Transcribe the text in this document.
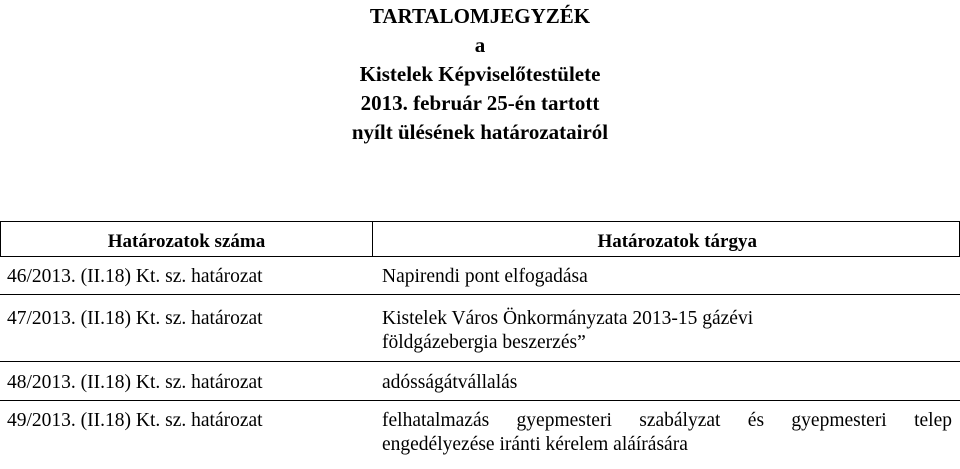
TARTALOMJEGYZÉK
a
Kistelek Képviselőtestülete
2013. február 25-én tartott
nyílt ülésének határozatairól
Határozatok száma	Határozatok tárgya
46/2013. (II.18) Kt. sz. határozat	Napirendi pont elfogadása
47/2013. (II.18) Kt. sz. határozat	Kistelek Város Önkormányzata 2013-15 gázévi földgázebergia beszerzés”
48/2013. (II.18) Kt. sz. határozat	adósságátvállalás
49/2013. (II.18) Kt. sz. határozat	felhatalmazás gyepmesteri szabályzat és gyepmesteri telep engedélyezése iránti kérelem aláírására
